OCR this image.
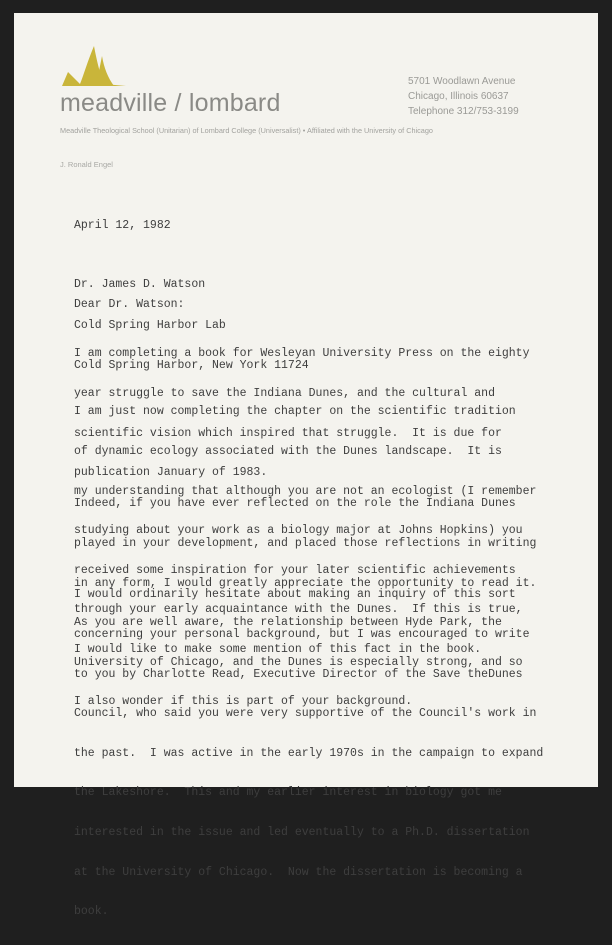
meadville / lombard
5701 Woodlawn Avenue
Chicago, Illinois 60637
Telephone 312/753-3199
Meadville Theological School (Unitarian) of Lombard College (Universalist) • Affiliated with the University of Chicago
J. Ronald Engel
April 12, 1982

Dr. James D. Watson

Cold Spring Harbor Lab

Cold Spring Harbor, New York 11724

Dear Dr. Watson:

I am completing a book for Wesleyan University Press on the eighty

year struggle to save the Indiana Dunes, and the cultural and

scientific vision which inspired that struggle.  It is due for

publication January of 1983.

I am just now completing the chapter on the scientific tradition

of dynamic ecology associated with the Dunes landscape.  It is

my understanding that although you are not an ecologist (I remember

studying about your work as a biology major at Johns Hopkins) you

received some inspiration for your later scientific achievements

through your early acquaintance with the Dunes.  If this is true,

I would like to make some mention of this fact in the book.

Indeed, if you have ever reflected on the role the Indiana Dunes

played in your development, and placed those reflections in writing

in any form, I would greatly appreciate the opportunity to read it.

As you are well aware, the relationship between Hyde Park, the

University of Chicago, and the Dunes is especially strong, and so

I also wonder if this is part of your background.

I would ordinarily hesitate about making an inquiry of this sort

concerning your personal background, but I was encouraged to write

to you by Charlotte Read, Executive Director of the Save theDunes

Council, who said you were very supportive of the Council's work in

the past.  I was active in the early 1970s in the campaign to expand

the Lakeshore.  This and my earlier interest in biology got me

interested in the issue and led eventually to a Ph.D. dissertation

at the University of Chicago.  Now the dissertation is becoming a

book.
